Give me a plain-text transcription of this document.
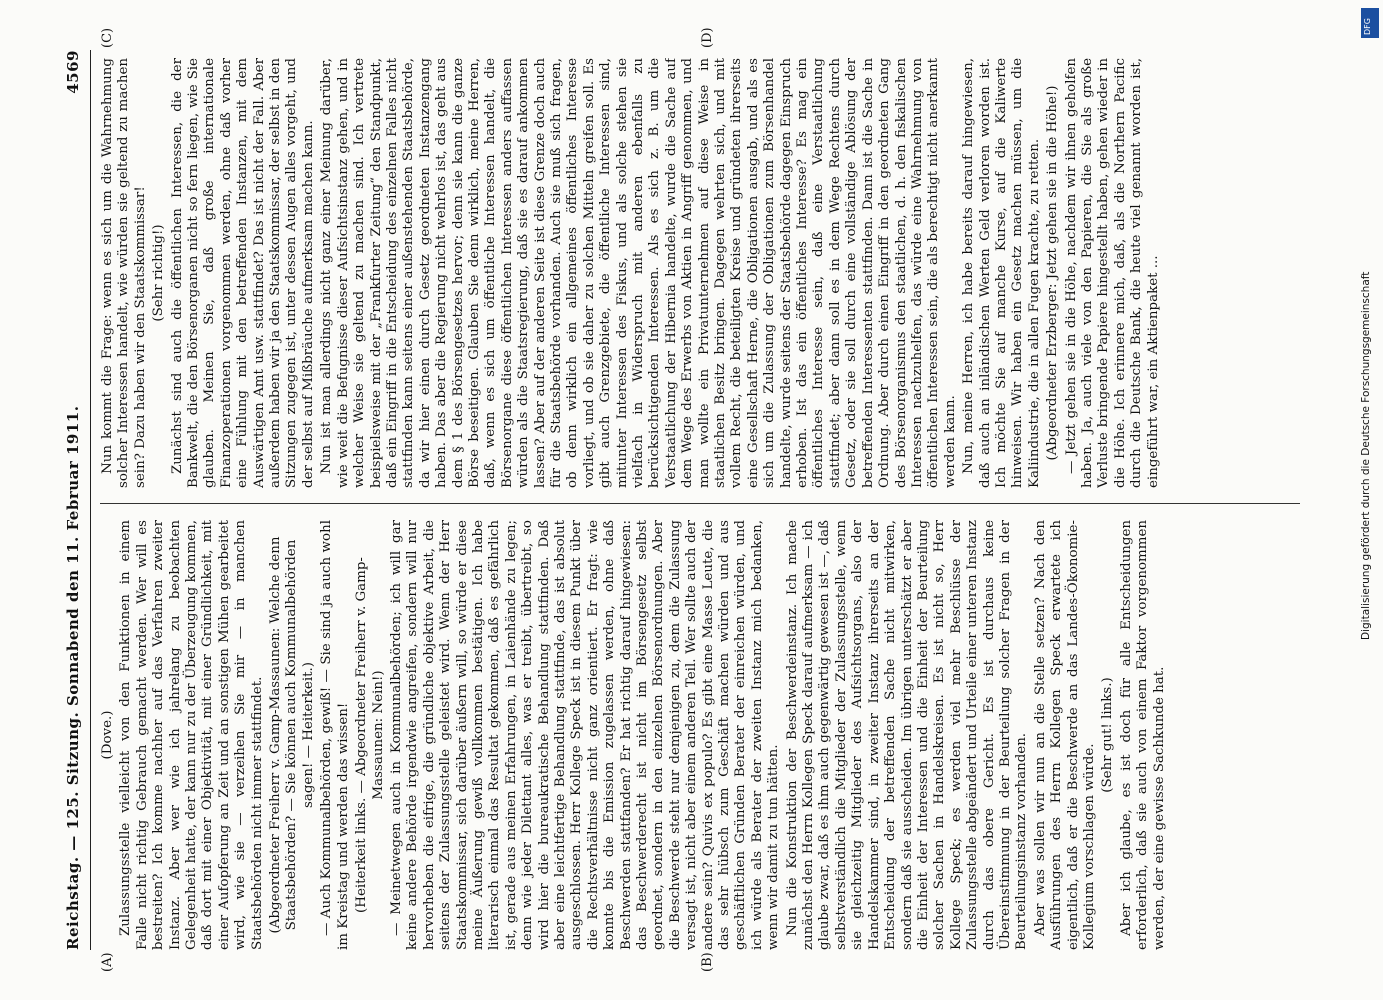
Reichstag. — 125. Sitzung. Sonnabend den 11. Februar 1911.
4569

(Dove.) Zulassungsstelle vielleicht von den Funktionen in einem Falle nicht richtig Gebrauch gemacht werden. Wer will es bestreiten? Ich komme nachher auf das Verfahren zweiter Instanz. Aber wer wie ich jahrelang zu beobachten Gelegenheit hatte, der kann nur zu der Überzeugung kommen, daß dort mit einer Objektivität, mit einer Gründlichkeit, mit einer Aufopferung an Zeit und an sonstigen Mühen gearbeitet wird, wie sie — verzeihen Sie mir — in manchen Staatsbehörden nicht immer stattfindet. (Abgeordneter Freiherr v. Gamp-Massaunen: Welche denn Staatsbehörden? — Sie können auch Kommunalbehörden sagen! — Heiterkeit.) — Auch Kommunalbehörden, gewiß! — Sie sind ja auch wohl im Kreistag und werden das wissen! (Heiterkeit links. — Abgeordneter Freiherr v. Gamp-Massaunen: Nein!) — Meinetwegen auch in Kommunalbehörden; ich will gar keine andere Behörde irgendwie angreifen, sondern will nur hervorheben die eifrige, die gründliche objektive Arbeit, die seitens der Zulassungsstelle geleistet wird. Wenn der Herr Staatskommissar, sich darüber äußern will, so würde er diese meine Äußerung gewiß vollkommen bestätigen. Ich habe literarisch einmal das Resultat gekommen, daß es gefährlich ist, gerade aus meinen Erfahrungen, in Laienhände zu legen; denn wie jeder Dilettant alles, was er treibt, übertreibt, so wird hier die bureaukratische Behandlung stattfinden. Daß aber eine leichtfertige Behandlung stattfinde, das ist absolut ausgeschlossen. Herr Kollege Speck ist in diesem Punkt über die Rechtsverhältnisse nicht ganz orientiert. Er fragt: wie konnte bis die Emission zugelassen werden, ohne daß Beschwerden stattfanden? Er hat richtig darauf hingewiesen: das Beschwerderecht ist nicht im Börsengesetz selbst geordnet, sondern in den einzelnen Börsenordnungen. Aber die Beschwerde steht nur demjenigen zu, dem die Zulassung versagt ist, nicht aber einem anderen Teil. Wer sollte auch der andere sein? Quivis ex populo? Es gibt eine Masse Leute, die das sehr hübsch zum Geschäft machen würden und aus geschäftlichen Gründen Berater der einreichen würden, und ich würde als Berater der zweiten Instanz mich bedanken, wenn wir damit zu tun hätten. Nun die Konstruktion der Beschwerdeinstanz. Ich mache zunächst den Herrn Kollegen Speck darauf aufmerksam — ich glaube zwar, daß es ihm auch gegenwärtig gewesen ist —, daß selbstverständlich die Mitglieder der Zulassungsstelle, wenn sie gleichzeitig Mitglieder des Aufsichtsorgans, also der Handelskammer sind, in zweiter Instanz ihrerseits an der Entscheidung der betreffenden Sache nicht mitwirken, sondern daß sie ausscheiden. Im übrigen unterschätzt er aber die Einheit der Interessen und die Einheit der Beurteilung solcher Sachen in Handelskreisen. Es ist nicht so, Herr Kollege Speck; es werden viel mehr Beschlüsse der Zulassungsstelle abgeändert und Urteile einer unteren Instanz durch das obere Gericht. Es ist durchaus keine Übereinstimmung in der Beurteilung solcher Fragen in der Beurteilungsinstanz vorhanden. Aber was sollen wir nun an die Stelle setzen? Nach den Ausführungen des Herrn Kollegen Speck erwartete ich eigentlich, daß er die Beschwerde an das Landes-Ökonomie-Kollegium vorschlagen würde.

(Sehr gut! links.) Aber ich glaube, es ist doch für alle Entscheidungen erforderlich, daß sie auch von einem Faktor vorgenommen werden, der eine gewisse Sachkunde hat.

Nun kommt die Frage: wenn es sich um die Wahrnehmung solcher Interessen handelt, wie würden sie geltend zu machen sein? Dazu haben wir den Staatskommissar! (Sehr richtig!) Zunächst sind auch die öffentlichen Interessen, die der Bankwelt, die den Börsenorganen nicht so fern liegen, wie Sie glauben. Meinen Sie, daß große internationale Finanzoperationen vorgenommen werden, ohne daß vorher eine Fühlung mit den betreffenden Instanzen, mit dem Auswärtigen Amt usw. stattfindet? Das ist nicht der Fall. Aber außerdem haben wir ja den Staatskommissar, der selbst in den Sitzungen zugegen ist, unter dessen Augen alles vorgeht, und der selbst auf Mißbräuche aufmerksam machen kann. Nun ist man allerdings nicht ganz einer Meinung darüber, wie weit die Befugnisse dieser Aufsichtsinstanz gehen, und in welcher Weise sie geltend zu machen sind. Ich vertrete beispielsweise mit der „Frankfurter Zeitung“ den Standpunkt, daß ein Eingriff in die Entscheidung des einzelnen Falles nicht stattfinden kann seitens einer außenstehenden Staatsbehörde, da wir hier einen durch Gesetz geordneten Instanzengang haben. Das aber die Regierung nicht wehrlos ist, das geht aus dem § 1 des Börsengesetzes hervor; denn sie kann die ganze Börse beseitigen. Glauben Sie denn wirklich, meine Herren, daß, wenn es sich um öffentliche Interessen handelt, die Börsenorgane diese öffentlichen Interessen anders auffassen würden als die Staatsregierung, daß sie es darauf ankommen lassen? Aber auf der anderen Seite ist diese Grenze doch auch für die Staatsbehörde vorhanden. Auch sie muß sich fragen, ob denn wirklich ein allgemeines öffentliches Interesse vorliegt, und ob sie daher zu solchen Mitteln greifen soll. Es gibt auch Grenzgebiete, die öffentliche Interessen sind, mitunter Interessen des Fiskus, und als solche stehen sie vielfach in Widerspruch mit anderen ebenfalls zu berücksichtigenden Interessen. Als es sich z. B. um die Verstaatlichung der Hibernia handelte, wurde die Sache auf dem Wege des Erwerbs von Aktien in Angriff genommen, und man wollte ein Privatunternehmen auf diese Weise in staatlichen Besitz bringen. Dagegen wehrten sich, und mit vollem Recht, die beteiligten Kreise und gründeten ihrerseits eine Gesellschaft Herne, die Obligationen ausgab, und als es sich um die Zulassung der Obligationen zum Börsenhandel handelte, wurde seitens der Staatsbehörde dagegen Einspruch erhoben. Ist das ein öffentliches Interesse? Es mag ein öffentliches Interesse sein, daß eine Verstaatlichung stattfindet; aber dann soll es in dem Wege Rechtens durch Gesetz, oder sie soll durch eine vollständige Ablösung der betreffenden Interessenten stattfinden. Dann ist die Sache in Ordnung. Aber durch einen Eingriff in den geordneten Gang des Börsenorganismus den staatlichen, d. h. den fiskalischen Interessen nachzuhelfen, das würde eine Wahrnehmung von öffentlichen Interessen sein, die als berechtigt nicht anerkannt werden kann. Nun, meine Herren, ich habe bereits darauf hingewiesen, daß auch an inländischen Werten Geld verloren worden ist. Ich möchte Sie auf manche Kurse, auf die Kaliwerte hinweisen. Wir haben ein Gesetz machen müssen, um die Kaliindustrie, die in allen Fugen krachte, zu retten. (Abgeordneter Erzberger: Jetzt gehen sie in die Höhe!) — Jetzt gehen sie in die Höhe, nachdem wir ihnen geholfen haben. Ja, auch viele von den Papieren, die Sie als große Verluste bringende Papiere hingestellt haben, gehen wieder in die Höhe. Ich erinnere mich, daß, als die Northern Pacific durch die Deutsche Bank, die heute viel genannt worden ist, eingeführt war, ein Aktienpaket ...

(A)	(B)
(C)	(D)
DFG
Digitalisierung gefördert durch die Deutsche Forschungsgemeinschaft
